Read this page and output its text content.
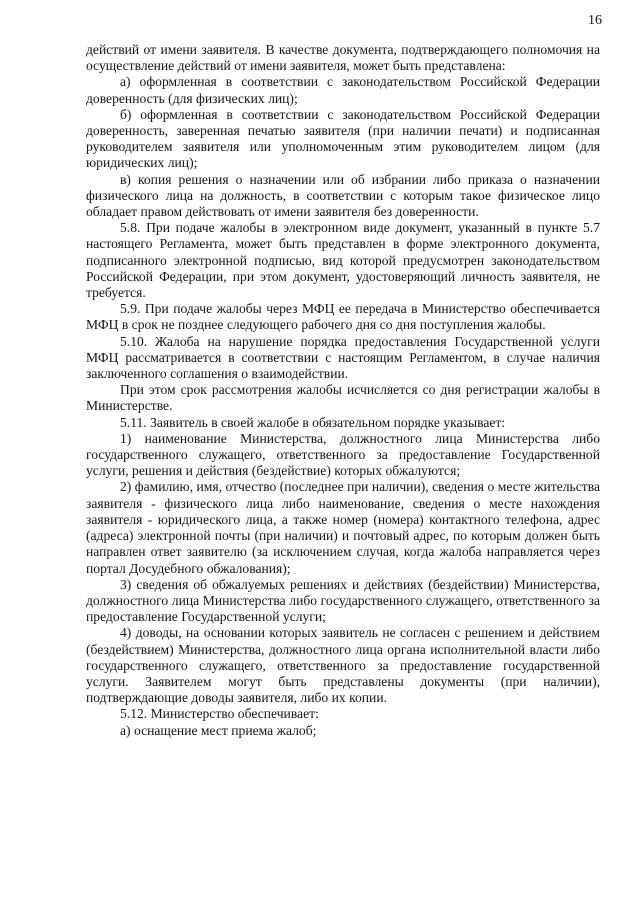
16

действий от имени заявителя. В качестве документа, подтверждающего полномочия на осуществление действий от имени заявителя, может быть представлена:

а) оформленная в соответствии с законодательством Российской Федерации доверенность (для физических лиц);

б) оформленная в соответствии с законодательством Российской Федерации доверенность, заверенная печатью заявителя (при наличии печати) и подписанная руководителем заявителя или уполномоченным этим руководителем лицом (для юридических лиц);

в) копия решения о назначении или об избрании либо приказа о назначении физического лица на должность, в соответствии с которым такое физическое лицо обладает правом действовать от имени заявителя без доверенности.

5.8. При подаче жалобы в электронном виде документ, указанный в пункте 5.7 настоящего Регламента, может быть представлен в форме электронного документа, подписанного электронной подписью, вид которой предусмотрен законодательством Российской Федерации, при этом документ, удостоверяющий личность заявителя, не требуется.

5.9. При подаче жалобы через МФЦ ее передача в Министерство обеспечивается МФЦ в срок не позднее следующего рабочего дня со дня поступления жалобы.

5.10. Жалоба на нарушение порядка предоставления Государственной услуги МФЦ рассматривается в соответствии с настоящим Регламентом, в случае наличия заключенного соглашения о взаимодействии.

При этом срок рассмотрения жалобы исчисляется со дня регистрации жалобы в Министерстве.

5.11. Заявитель в своей жалобе в обязательном порядке указывает:

1) наименование Министерства, должностного лица Министерства либо государственного служащего, ответственного за предоставление Государственной услуги, решения и действия (бездействие) которых обжалуются;

2) фамилию, имя, отчество (последнее при наличии), сведения о месте жительства заявителя - физического лица либо наименование, сведения о месте нахождения заявителя - юридического лица, а также номер (номера) контактного телефона, адрес (адреса) электронной почты (при наличии) и почтовый адрес, по которым должен быть направлен ответ заявителю (за исключением случая, когда жалоба направляется через портал Досудебного обжалования);

3) сведения об обжалуемых решениях и действиях (бездействии) Министерства, должностного лица Министерства либо государственного служащего, ответственного за предоставление Государственной услуги;

4) доводы, на основании которых заявитель не согласен с решением и действием (бездействием) Министерства, должностного лица органа исполнительной власти либо государственного служащего, ответственного за предоставление государственной услуги. Заявителем могут быть представлены документы (при наличии), подтверждающие доводы заявителя, либо их копии.

5.12. Министерство обеспечивает:

а) оснащение мест приема жалоб;
